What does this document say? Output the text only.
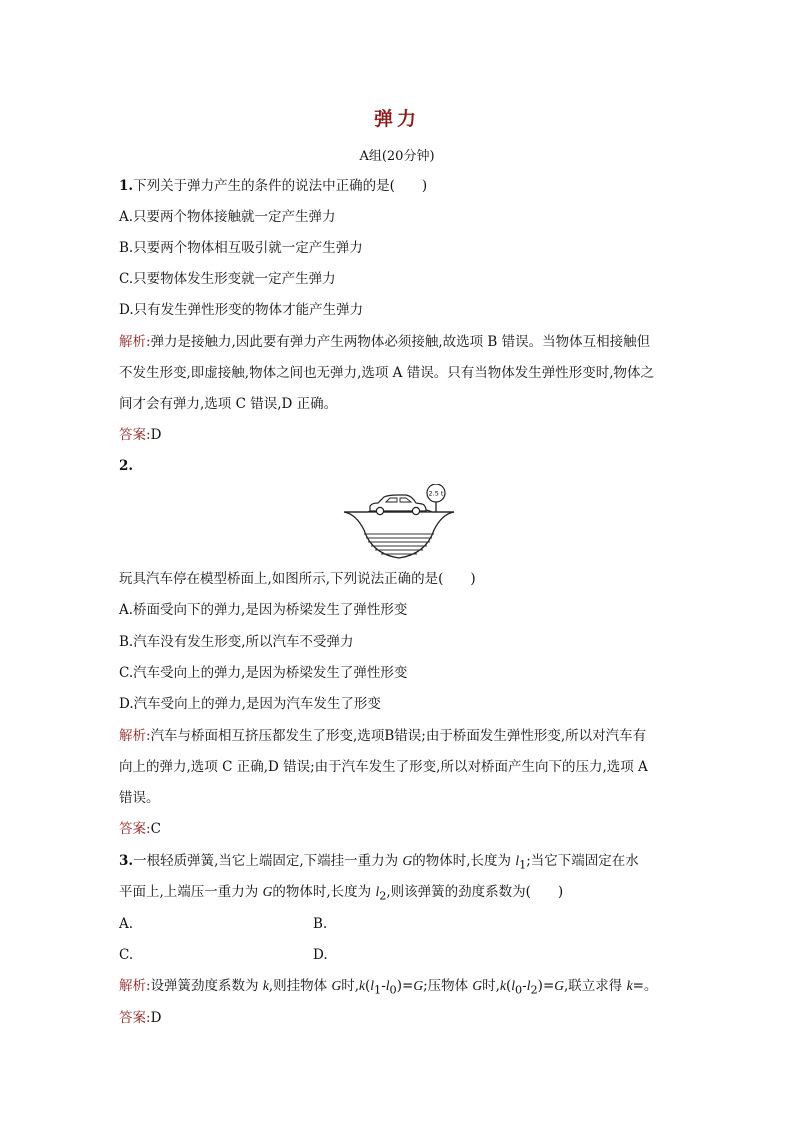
弹力
A组(20分钟)
1.下列关于弹力产生的条件的说法中正确的是(　　)
A.只要两个物体接触就一定产生弹力
B.只要两个物体相互吸引就一定产生弹力
C.只要物体发生形变就一定产生弹力
D.只有发生弹性形变的物体才能产生弹力
解析:弹力是接触力,因此要有弹力产生两物体必须接触,故选项 B 错误。当物体互相接触但
不发生形变,即虚接触,物体之间也无弹力,选项 A 错误。只有当物体发生弹性形变时,物体之
间才会有弹力,选项 C 错误,D 正确。
答案:D
2.
2.5 t
玩具汽车停在模型桥面上,如图所示,下列说法正确的是(　　)
A.桥面受向下的弹力,是因为桥梁发生了弹性形变
B.汽车没有发生形变,所以汽车不受弹力
C.汽车受向上的弹力,是因为桥梁发生了弹性形变
D.汽车受向上的弹力,是因为汽车发生了形变
解析:汽车与桥面相互挤压都发生了形变,选项B错误;由于桥面发生弹性形变,所以对汽车有
向上的弹力,选项 C 正确,D 错误;由于汽车发生了形变,所以对桥面产生向下的压力,选项 A
错误。
答案:C
3.一根轻质弹簧,当它上端固定,下端挂一重力为 G的物体时,长度为 $l_1$;当它下端固定在水
平面上,上端压一重力为 G的物体时,长度为 $l_2$,则该弹簧的劲度系数为(　　)
A.	B.
C.	D.
解析:设弹簧劲度系数为 k,则挂物体 G时$,k(l_1-l_0)=G$;压物体 G时$,k(l_0-l_2)=G$,联立求得 k=。
答案:D
